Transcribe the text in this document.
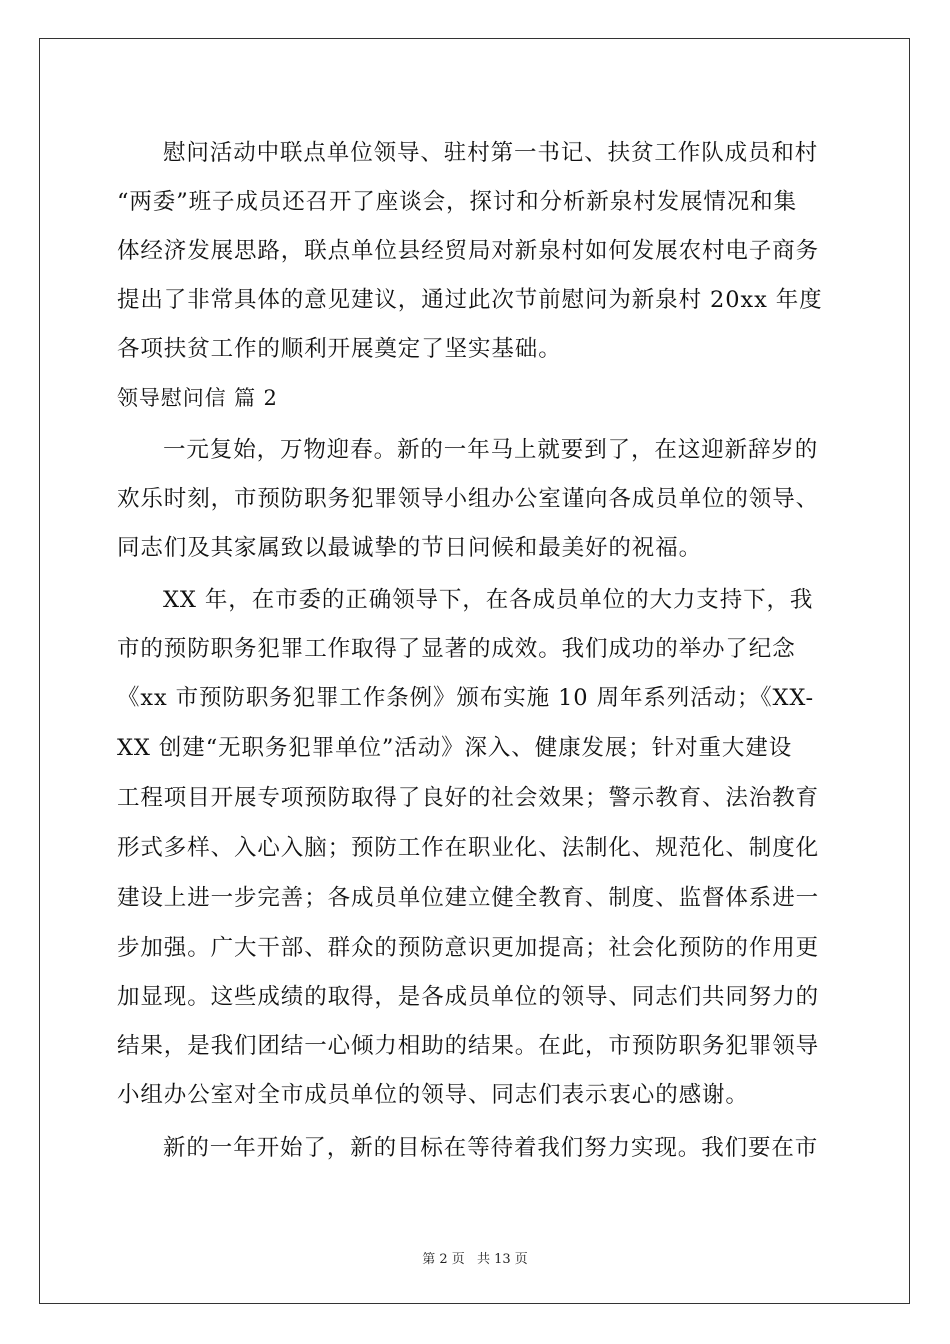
慰问活动中联点单位领导、驻村第一书记、扶贫工作队成员和村
“两委”班子成员还召开了座谈会，探讨和分析新泉村发展情况和集
体经济发展思路，联点单位县经贸局对新泉村如何发展农村电子商务
提出了非常具体的意见建议，通过此次节前慰问为新泉村 20xx 年度
各项扶贫工作的顺利开展奠定了坚实基础。
领导慰问信 篇 2
一元复始，万物迎春。新的一年马上就要到了，在这迎新辞岁的
欢乐时刻，市预防职务犯罪领导小组办公室谨向各成员单位的领导、
同志们及其家属致以最诚挚的节日问候和最美好的祝福。
XX 年，在市委的正确领导下，在各成员单位的大力支持下，我
市的预防职务犯罪工作取得了显著的成效。我们成功的举办了纪念
《xx 市预防职务犯罪工作条例》颁布实施 10 周年系列活动；《XX-
XX 创建“无职务犯罪单位”活动》深入、健康发展；针对重大建设
工程项目开展专项预防取得了良好的社会效果；警示教育、法治教育
形式多样、入心入脑；预防工作在职业化、法制化、规范化、制度化
建设上进一步完善；各成员单位建立健全教育、制度、监督体系进一
步加强。广大干部、群众的预防意识更加提高；社会化预防的作用更
加显现。这些成绩的取得，是各成员单位的领导、同志们共同努力的
结果，是我们团结一心倾力相助的结果。在此，市预防职务犯罪领导
小组办公室对全市成员单位的领导、同志们表示衷心的感谢。
新的一年开始了，新的目标在等待着我们努力实现。我们要在市
第 2 页 共 13 页
